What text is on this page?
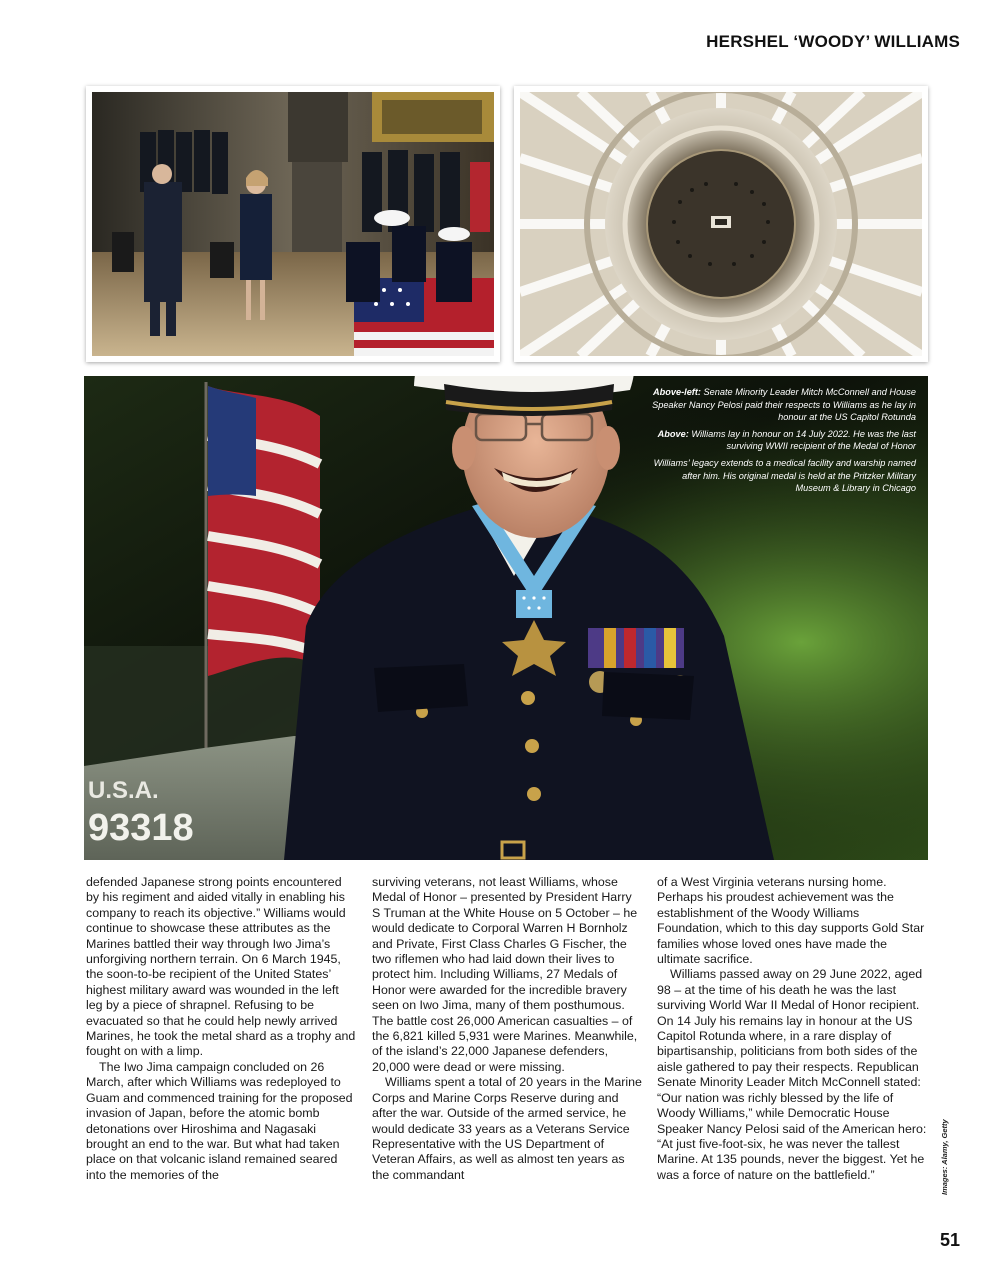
HERSHEL ‘WOODY’ WILLIAMS
U.S.A.
93318

Above-left: Senate Minority Leader Mitch McConnell and House Speaker Nancy Pelosi paid their respects to Williams as he lay in honour at the US Capitol Rotunda

Above: Williams lay in honour on 14 July 2022. He was the last surviving WWII recipient of the Medal of Honor

Williams’ legacy extends to a medical facility and warship named after him. His original medal is held at the Pritzker Military Museum & Library in Chicago

defended Japanese strong points encountered by his regiment and aided vitally in enabling his company to reach its objective.” Williams would continue to showcase these attributes as the Marines battled their way through Iwo Jima’s unforgiving northern terrain. On 6 March 1945, the soon-to-be recipient of the United States’ highest military award was wounded in the left leg by a piece of shrapnel. Refusing to be evacuated so that he could help newly arrived Marines, he took the metal shard as a trophy and fought on with a limp.

The Iwo Jima campaign concluded on 26 March, after which Williams was redeployed to Guam and commenced training for the proposed invasion of Japan, before the atomic bomb detonations over Hiroshima and Nagasaki brought an end to the war. But what had taken place on that volcanic island remained seared into the memories of the

surviving veterans, not least Williams, whose Medal of Honor – presented by President Harry S Truman at the White House on 5 October – he would dedicate to Corporal Warren H Bornholz and Private, First Class Charles G Fischer, the two riflemen who had laid down their lives to protect him. Including Williams, 27 Medals of Honor were awarded for the incredible bravery seen on Iwo Jima, many of them posthumous. The battle cost 26,000 American casualties – of the 6,821 killed 5,931 were Marines. Meanwhile, of the island’s 22,000 Japanese defenders, 20,000 were dead or were missing.

Williams spent a total of 20 years in the Marine Corps and Marine Corps Reserve during and after the war. Outside of the armed service, he would dedicate 33 years as a Veterans Service Representative with the US Department of Veteran Affairs, as well as almost ten years as the commandant

of a West Virginia veterans nursing home. Perhaps his proudest achievement was the establishment of the Woody Williams Foundation, which to this day supports Gold Star families whose loved ones have made the ultimate sacrifice.

Williams passed away on 29 June 2022, aged 98 – at the time of his death he was the last surviving World War II Medal of Honor recipient. On 14 July his remains lay in honour at the US Capitol Rotunda where, in a rare display of bipartisanship, politicians from both sides of the aisle gathered to pay their respects. Republican Senate Minority Leader Mitch McConnell stated: “Our nation was richly blessed by the life of Woody Williams,” while Democratic House Speaker Nancy Pelosi said of the American hero: “At just five-foot-six, he was never the tallest Marine. At 135 pounds, never the biggest. Yet he was a force of nature on the battlefield.”	Images: Alamy, Getty
51
